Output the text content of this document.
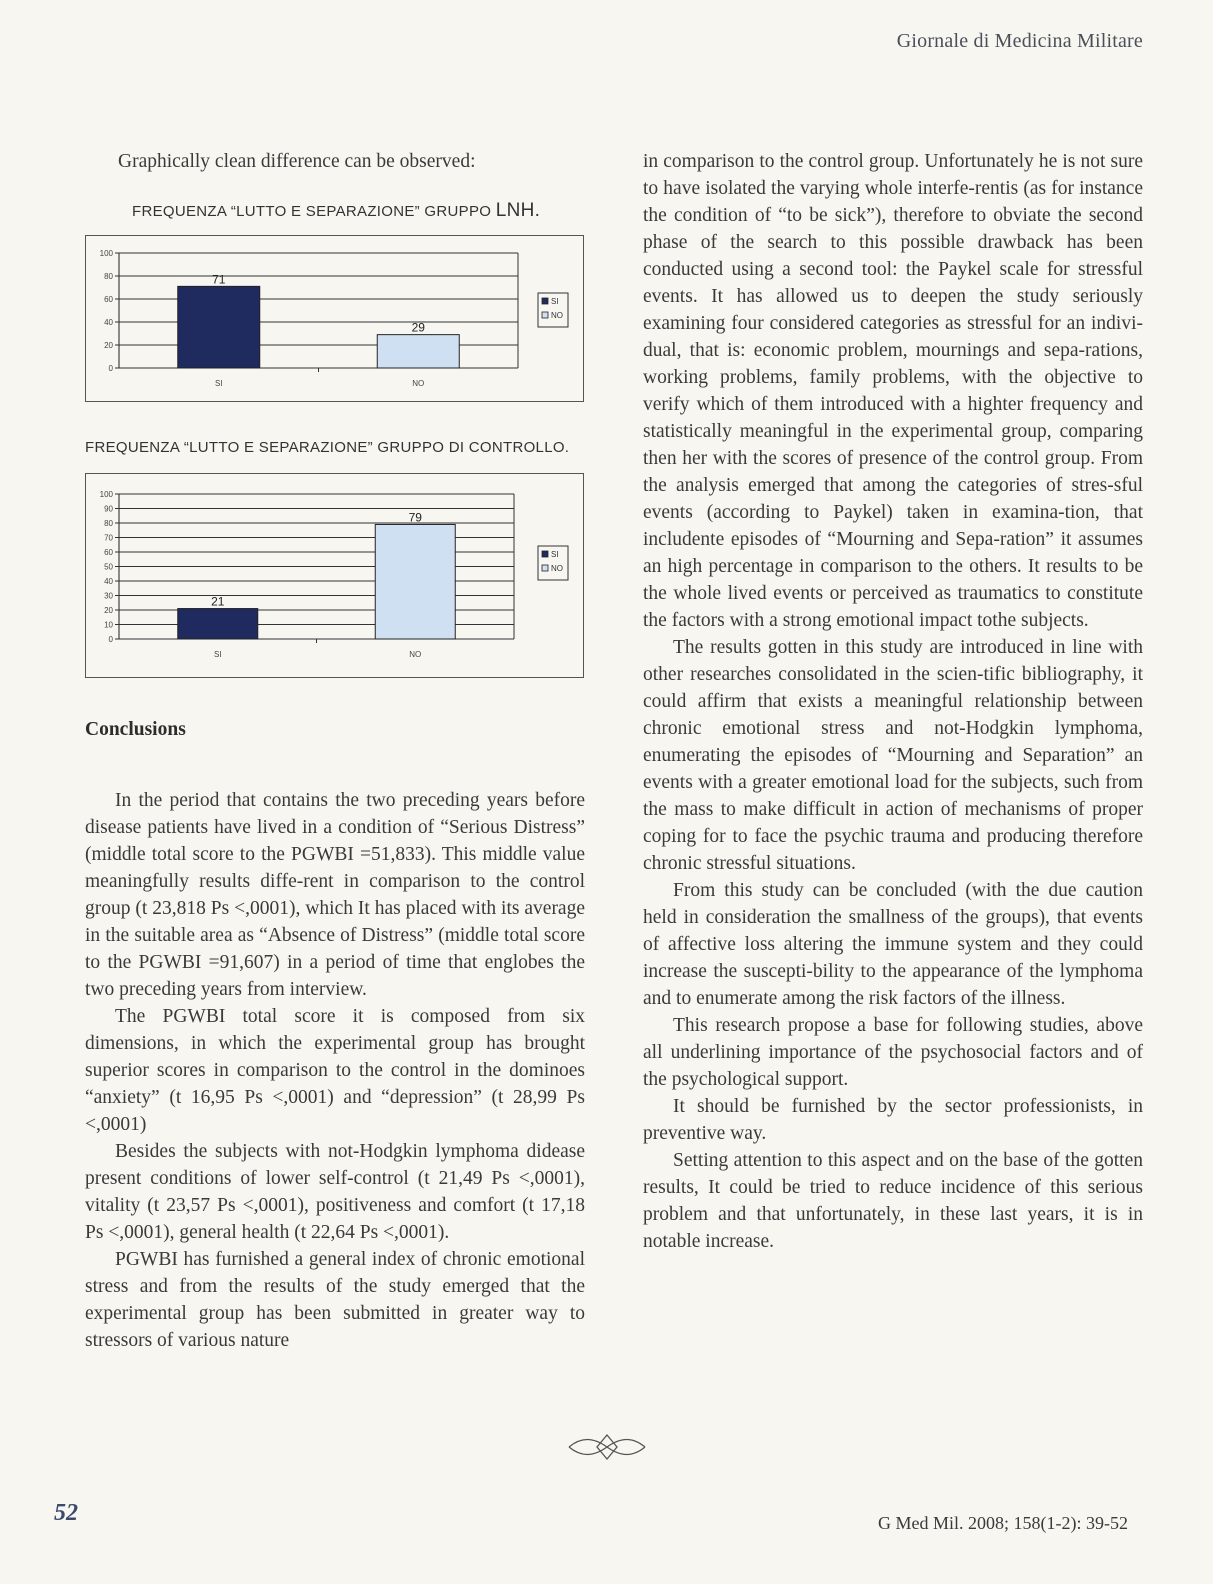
Giornale di Medicina Militare

Graphically clean difference can be observed:

FREQUENZA “LUTTO E SEPARAZIONE” GRUPPO LNH.
0
20
40
60
80
100
71
SI
29
NO
SI
NO
FREQUENZA “LUTTO E SEPARAZIONE” GRUPPO DI CONTROLLO.
0
10
20
30
40
50
60
70
80
90
100
21
SI
79
NO
SI
NO
Conclusions

In the period that contains the two preceding years before disease patients have lived in a condition of “Serious Distress” (middle total score to the PGWBI =51,833). This middle value meaningfully results diffe-rent in comparison to the control group (t 23,818 Ps <,0001), which It has placed with its average in the suitable area as “Absence of Distress” (middle total score to the PGWBI =91,607) in a period of time that englobes the two preceding years from interview.

The PGWBI total score it is composed from six dimensions, in which the experimental group has brought superior scores in comparison to the control in the dominoes “anxiety” (t 16,95 Ps <,0001) and “depression” (t 28,99 Ps <,0001)

Besides the subjects with not-Hodgkin lymphoma didease present conditions of lower self-control (t 21,49 Ps <,0001), vitality (t 23,57 Ps <,0001), positiveness and comfort (t 17,18 Ps <,0001), general health (t 22,64 Ps <,0001).

PGWBI has furnished a general index of chronic emotional stress and from the results of the study emerged that the experimental group has been submitted in greater way to stressors of various nature

in comparison to the control group. Unfortunately he is not sure to have isolated the varying whole interfe-rentis (as for instance the condition of “to be sick”), therefore to obviate the second phase of the search to this possible drawback has been conducted using a second tool: the Paykel scale for stressful events. It has allowed us to deepen the study seriously examining four considered categories as stressful for an indivi-dual, that is: economic problem, mournings and sepa-rations, working problems, family problems, with the objective to verify which of them introduced with a highter frequency and statistically meaningful in the experimental group, comparing then her with the scores of presence of the control group. From the analysis emerged that among the categories of stres-sful events (according to Paykel) taken in examina-tion, that includente episodes of “Mourning and Sepa-ration” it assumes an high percentage in comparison to the others. It results to be the whole lived events or perceived as traumatics to constitute the factors with a strong emotional impact tothe subjects.

The results gotten in this study are introduced in line with other researches consolidated in the scien-tific bibliography, it could affirm that exists a meaningful relationship between chronic emotional stress and not-Hodgkin lymphoma, enumerating the episodes of “Mourning and Separation” an events with a greater emotional load for the subjects, such from the mass to make difficult in action of mechanisms of proper coping for to face the psychic trauma and producing therefore chronic stressful situations.

From this study can be concluded (with the due caution held in consideration the smallness of the groups), that events of affective loss altering the immune system and they could increase the suscepti-bility to the appearance of the lymphoma and to enumerate among the risk factors of the illness.

This research propose a base for following studies, above all underlining importance of the psychosocial factors and of the psychological support.

It should be furnished by the sector professionists, in preventive way.

Setting attention to this aspect and on the base of the gotten results, It could be tried to reduce incidence of this serious problem and that unfortunately, in these last years, it is in notable increase.

52	G Med Mil. 2008; 158(1-2): 39-52
